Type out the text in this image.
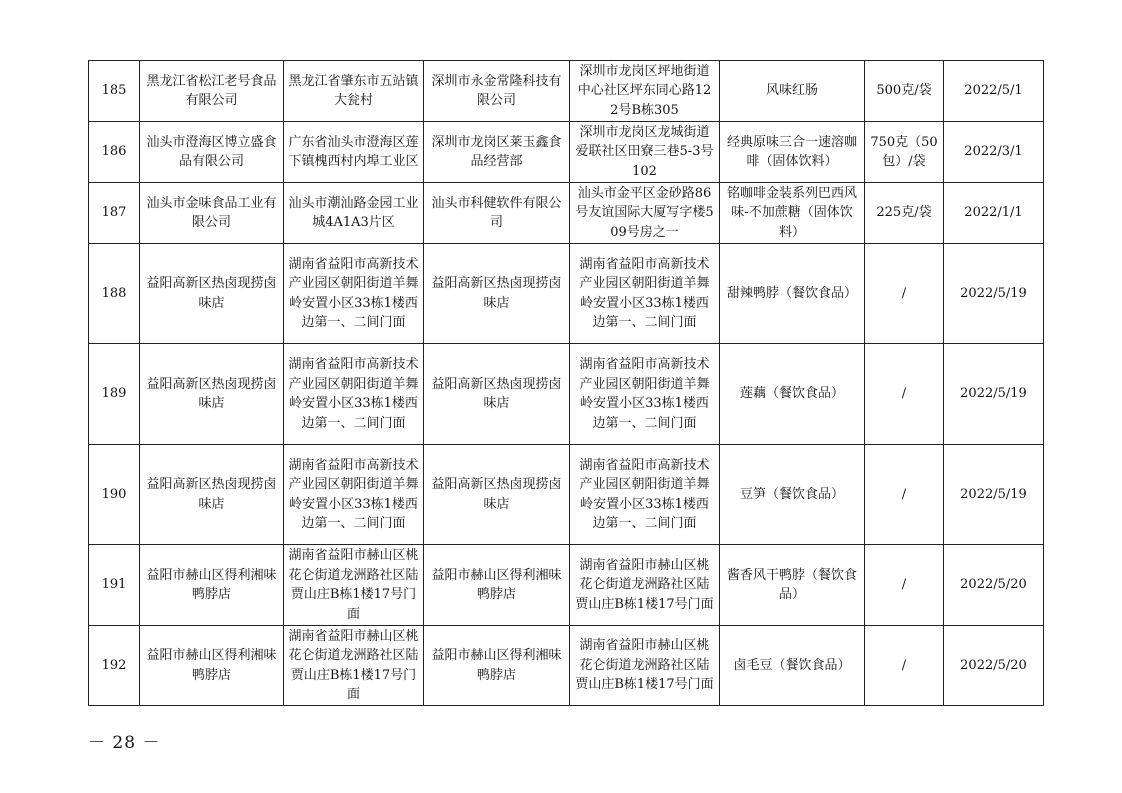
185	黑龙江省松江老号食品有限公司	黑龙江省肇东市五站镇大瓮村	深圳市永金常隆科技有限公司	深圳市龙岗区坪地街道中心社区坪东同心路122号B栋305	风味红肠	500克/袋	2022/5/1
186	汕头市澄海区博立盛食品有限公司	广东省汕头市澄海区莲下镇槐西村内埠工业区	深圳市龙岗区莱玉鑫食品经营部	深圳市龙岗区龙城街道爱联社区田寮三巷5-3号102	经典原味三合一速溶咖啡（固体饮料）	750克（50包）/袋	2022/3/1
187	汕头市金味食品工业有限公司	汕头市潮汕路金园工业城4A1A3片区	汕头市科健软件有限公司	汕头市金平区金砂路86号友谊国际大厦写字楼509号房之一	铭咖啡金装系列巴西风味-不加蔗糖（固体饮料）	225克/袋	2022/1/1
188	益阳高新区热卤现捞卤味店	湖南省益阳市高新技术产业园区朝阳街道羊舞岭安置小区33栋1楼西边第一、二间门面	益阳高新区热卤现捞卤味店	湖南省益阳市高新技术产业园区朝阳街道羊舞岭安置小区33栋1楼西边第一、二间门面	甜辣鸭脖（餐饮食品）	/	2022/5/19
189	益阳高新区热卤现捞卤味店	湖南省益阳市高新技术产业园区朝阳街道羊舞岭安置小区33栋1楼西边第一、二间门面	益阳高新区热卤现捞卤味店	湖南省益阳市高新技术产业园区朝阳街道羊舞岭安置小区33栋1楼西边第一、二间门面	莲藕（餐饮食品）	/	2022/5/19
190	益阳高新区热卤现捞卤味店	湖南省益阳市高新技术产业园区朝阳街道羊舞岭安置小区33栋1楼西边第一、二间门面	益阳高新区热卤现捞卤味店	湖南省益阳市高新技术产业园区朝阳街道羊舞岭安置小区33栋1楼西边第一、二间门面	豆笋（餐饮食品）	/	2022/5/19
191	益阳市赫山区得利湘味鸭脖店	湖南省益阳市赫山区桃花仑街道龙洲路社区陆贾山庄B栋1楼17号门面	益阳市赫山区得利湘味鸭脖店	湖南省益阳市赫山区桃花仑街道龙洲路社区陆贾山庄B栋1楼17号门面	酱香风干鸭脖（餐饮食品）	/	2022/5/20
192	益阳市赫山区得利湘味鸭脖店	湖南省益阳市赫山区桃花仑街道龙洲路社区陆贾山庄B栋1楼17号门面	益阳市赫山区得利湘味鸭脖店	湖南省益阳市赫山区桃花仑街道龙洲路社区陆贾山庄B栋1楼17号门面	卤毛豆（餐饮食品）	/	2022/5/20
－ 28 －
